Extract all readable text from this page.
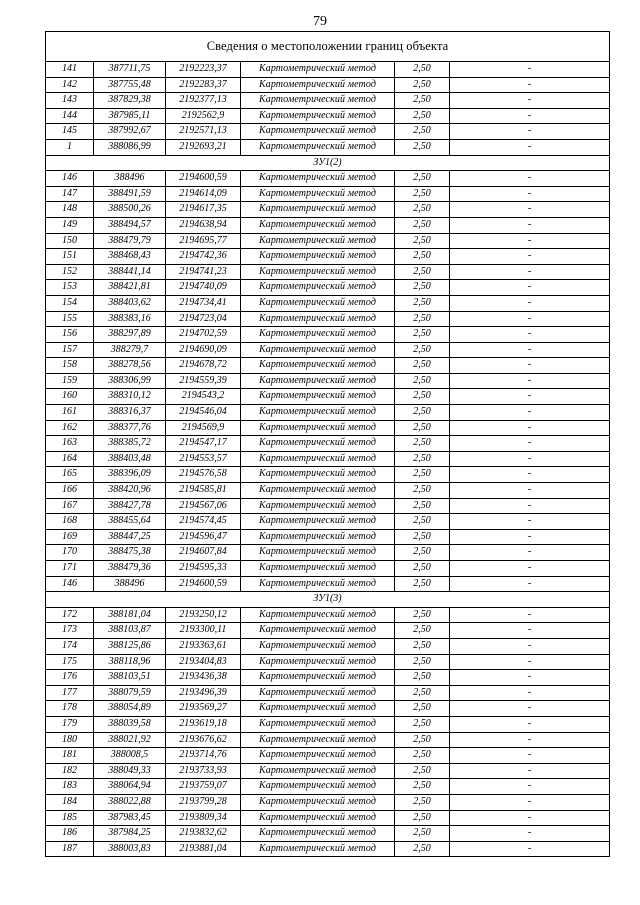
79
Сведения о местоположении границ объекта					
141	387711,75	2192223,37	Картометрический метод	2,50	-
142	387755,48	2192283,37	Картометрический метод	2,50	-
143	387829,38	2192377,13	Картометрический метод	2,50	-
144	387985,11	2192562,9	Картометрический метод	2,50	-
145	387992,67	2192571,13	Картометрический метод	2,50	-
1	388086,99	2192693,21	Картометрический метод	2,50	-
ЗУ1(2)					
146	388496	2194600,59	Картометрический метод	2,50	-
147	388491,59	2194614,09	Картометрический метод	2,50	-
148	388500,26	2194617,35	Картометрический метод	2,50	-
149	388494,57	2194638,94	Картометрический метод	2,50	-
150	388479,79	2194695,77	Картометрический метод	2,50	-
151	388468,43	2194742,36	Картометрический метод	2,50	-
152	388441,14	2194741,23	Картометрический метод	2,50	-
153	388421,81	2194740,09	Картометрический метод	2,50	-
154	388403,62	2194734,41	Картометрический метод	2,50	-
155	388383,16	2194723,04	Картометрический метод	2,50	-
156	388297,89	2194702,59	Картометрический метод	2,50	-
157	388279,7	2194690,09	Картометрический метод	2,50	-
158	388278,56	2194678,72	Картометрический метод	2,50	-
159	388306,99	2194559,39	Картометрический метод	2,50	-
160	388310,12	2194543,2	Картометрический метод	2,50	-
161	388316,37	2194546,04	Картометрический метод	2,50	-
162	388377,76	2194569,9	Картометрический метод	2,50	-
163	388385,72	2194547,17	Картометрический метод	2,50	-
164	388403,48	2194553,57	Картометрический метод	2,50	-
165	388396,09	2194576,58	Картометрический метод	2,50	-
166	388420,96	2194585,81	Картометрический метод	2,50	-
167	388427,78	2194567,06	Картометрический метод	2,50	-
168	388455,64	2194574,45	Картометрический метод	2,50	-
169	388447,25	2194596,47	Картометрический метод	2,50	-
170	388475,38	2194607,84	Картометрический метод	2,50	-
171	388479,36	2194595,33	Картометрический метод	2,50	-
146	388496	2194600,59	Картометрический метод	2,50	-
ЗУ1(3)					
172	388181,04	2193250,12	Картометрический метод	2,50	-
173	388103,87	2193300,11	Картометрический метод	2,50	-
174	388125,86	2193363,61	Картометрический метод	2,50	-
175	388118,96	2193404,83	Картометрический метод	2,50	-
176	388103,51	2193436,38	Картометрический метод	2,50	-
177	388079,59	2193496,39	Картометрический метод	2,50	-
178	388054,89	2193569,27	Картометрический метод	2,50	-
179	388039,58	2193619,18	Картометрический метод	2,50	-
180	388021,92	2193676,62	Картометрический метод	2,50	-
181	388008,5	2193714,76	Картометрический метод	2,50	-
182	388049,33	2193733,93	Картометрический метод	2,50	-
183	388064,94	2193759,07	Картометрический метод	2,50	-
184	388022,88	2193799,28	Картометрический метод	2,50	-
185	387983,45	2193809,34	Картометрический метод	2,50	-
186	387984,25	2193832,62	Картометрический метод	2,50	-
187	388003,83	2193881,04	Картометрический метод	2,50	-
